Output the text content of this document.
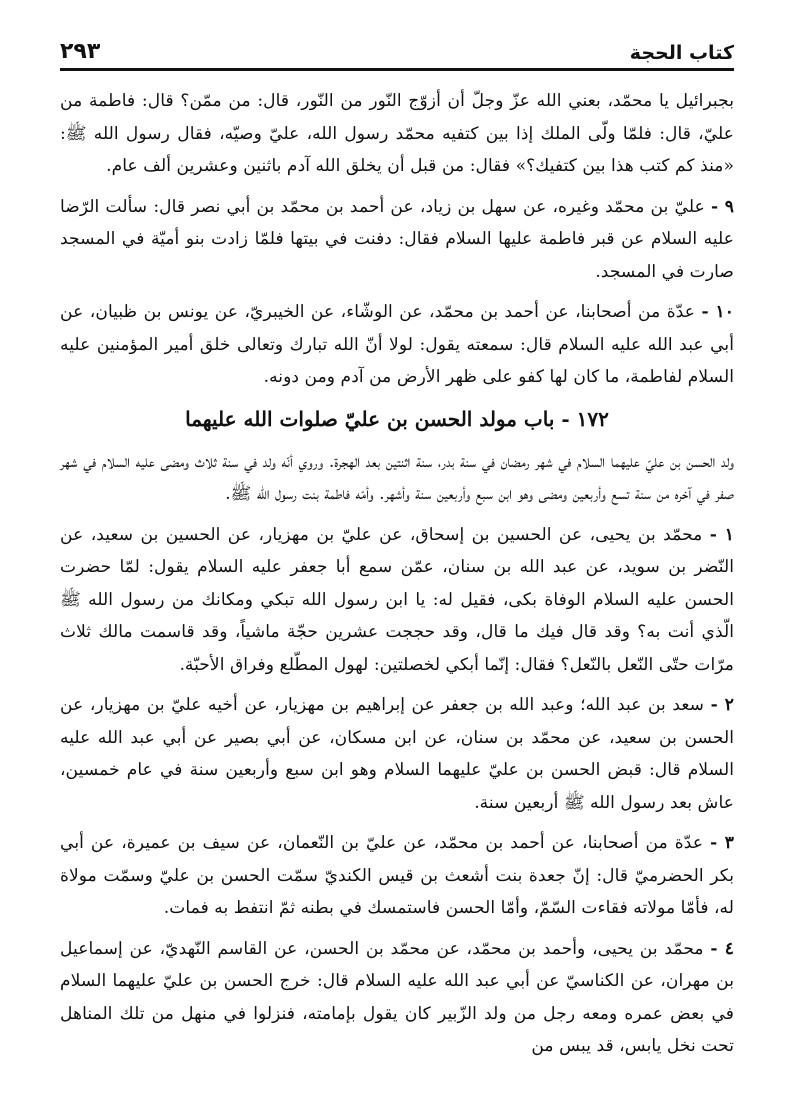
كتاب الحجة
٢٩٣

بجبرائيل يا محمّد، بعني الله عزّ وجلّ أن أزوّج النّور من النّور، قال: من ممّن؟ قال: فاطمة من عليّ، قال: فلمّا ولّى الملك إذا بين كتفيه محمّد رسول الله، عليّ وصيّه، فقال رسول الله ﷺ: «منذ كم كتب هذا بين كتفيك؟» فقال: من قبل أن يخلق الله آدم باثنين وعشرين ألف عام.

٩ - عليّ بن محمّد وغيره، عن سهل بن زياد، عن أحمد بن محمّد بن أبي نصر قال: سألت الرّضا عليه السلام عن قبر فاطمة عليها السلام فقال: دفنت في بيتها فلمّا زادت بنو أميّة في المسجد صارت في المسجد.

١٠ - عدّة من أصحابنا، عن أحمد بن محمّد، عن الوشّاء، عن الخيبريّ، عن يونس بن ظبيان، عن أبي عبد الله عليه السلام قال: سمعته يقول: لولا أنّ الله تبارك وتعالى خلق أمير المؤمنين عليه السلام لفاطمة، ما كان لها كفو على ظهر الأرض من آدم ومن دونه.

١٧٢ - باب مولد الحسن بن عليّ صلوات الله عليهما

ولد الحسن بن عليّ عليهما السلام في شهر رمضان في سنة بدر، سنة اثنتين بعد الهجرة. وروي أنّه ولد في سنة ثلاث ومضى عليه السلام في شهر صفر في آخره من سنة تسع وأربعين ومضى وهو ابن سبع وأربعين سنة وأشهر. وأمّه فاطمة بنت رسول الله ﷺ.

١ - محمّد بن يحيى، عن الحسين بن إسحاق، عن عليّ بن مهزيار، عن الحسين بن سعيد، عن النّضر بن سويد، عن عبد الله بن سنان، عمّن سمع أبا جعفر عليه السلام يقول: لمّا حضرت الحسن عليه السلام الوفاة بكى، فقيل له: يا ابن رسول الله تبكي ومكانك من رسول الله ﷺ الّذي أنت به؟ وقد قال فيك ما قال، وقد حججت عشرين حجّة ماشياً، وقد قاسمت مالك ثلاث مرّات حتّى النّعل بالنّعل؟ فقال: إنّما أبكي لخصلتين: لهول المطّلع وفراق الأحبّة.

٢ - سعد بن عبد الله؛ وعبد الله بن جعفر عن إبراهيم بن مهزيار، عن أخيه عليّ بن مهزيار، عن الحسن بن سعيد، عن محمّد بن سنان، عن ابن مسكان، عن أبي بصير عن أبي عبد الله عليه السلام قال: قبض الحسن بن عليّ عليهما السلام وهو ابن سبع وأربعين سنة في عام خمسين، عاش بعد رسول الله ﷺ أربعين سنة.

٣ - عدّة من أصحابنا، عن أحمد بن محمّد، عن عليّ بن النّعمان، عن سيف بن عميرة، عن أبي بكر الحضرميّ قال: إنّ جعدة بنت أشعث بن قيس الكنديّ سمّت الحسن بن عليّ وسمّت مولاة له، فأمّا مولاته فقاءت السّمّ، وأمّا الحسن فاستمسك في بطنه ثمّ انتفط به فمات.

٤ - محمّد بن يحيى، وأحمد بن محمّد، عن محمّد بن الحسن، عن القاسم النّهديّ، عن إسماعيل بن مهران، عن الكناسيّ عن أبي عبد الله عليه السلام قال: خرج الحسن بن عليّ عليهما السلام في بعض عمره ومعه رجل من ولد الزّبير كان يقول بإمامته، فنزلوا في منهل من تلك المناهل تحت نخل يابس، قد يبس من
